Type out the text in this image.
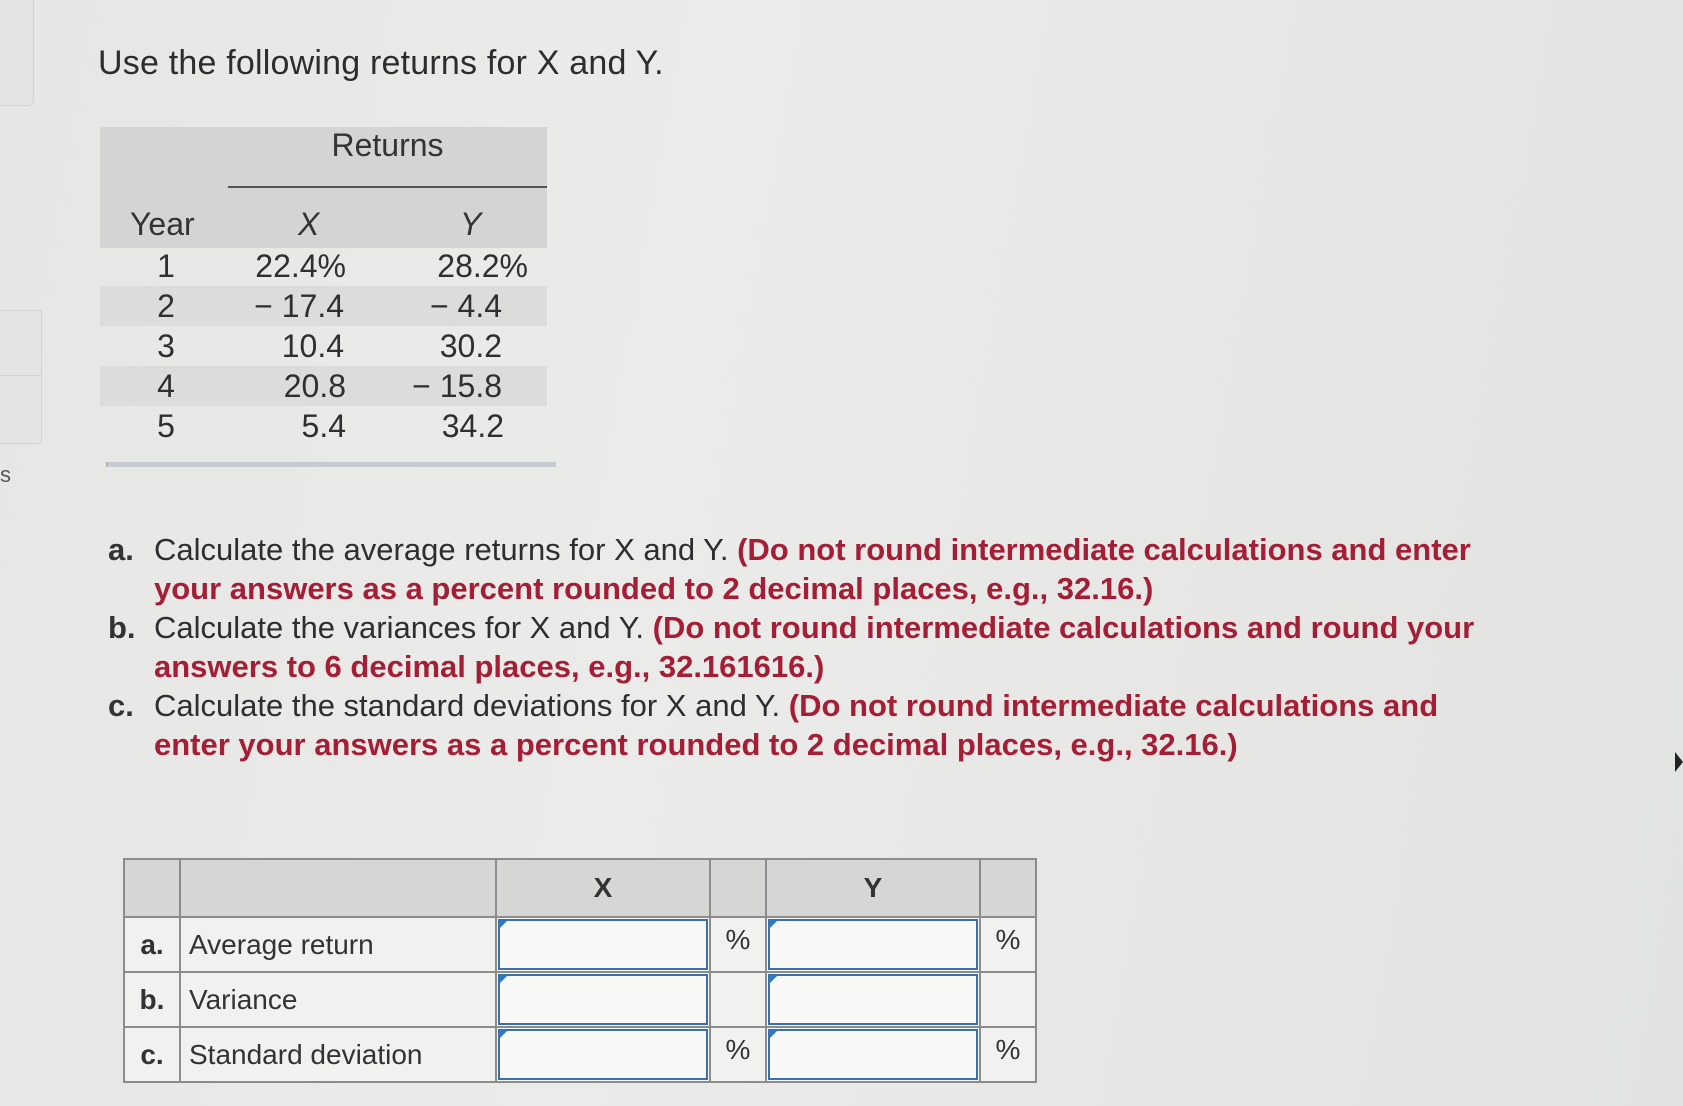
s
Use the following returns for X and Y.
Returns
Year	X	Y
1	22.4%	28.2%
2	− 17.4	− 4.4
3	10.4	30.2
4	20.8	− 15.8
5	5.4	34.2

a. Calculate the average returns for X and Y. (Do not round intermediate calculations and enter your answers as a percent rounded to 2 decimal places, e.g., 32.16.)

b. Calculate the variances for X and Y. (Do not round intermediate calculations and round your answers to 6 decimal places, e.g., 32.161616.)

c. Calculate the standard deviations for X and Y. (Do not round intermediate calculations and enter your answers as a percent rounded to 2 decimal places, e.g., 32.16.)

		X		Y	
a.	Average return		%		%
b.	Variance	

c.	Standard deviation		%		%
